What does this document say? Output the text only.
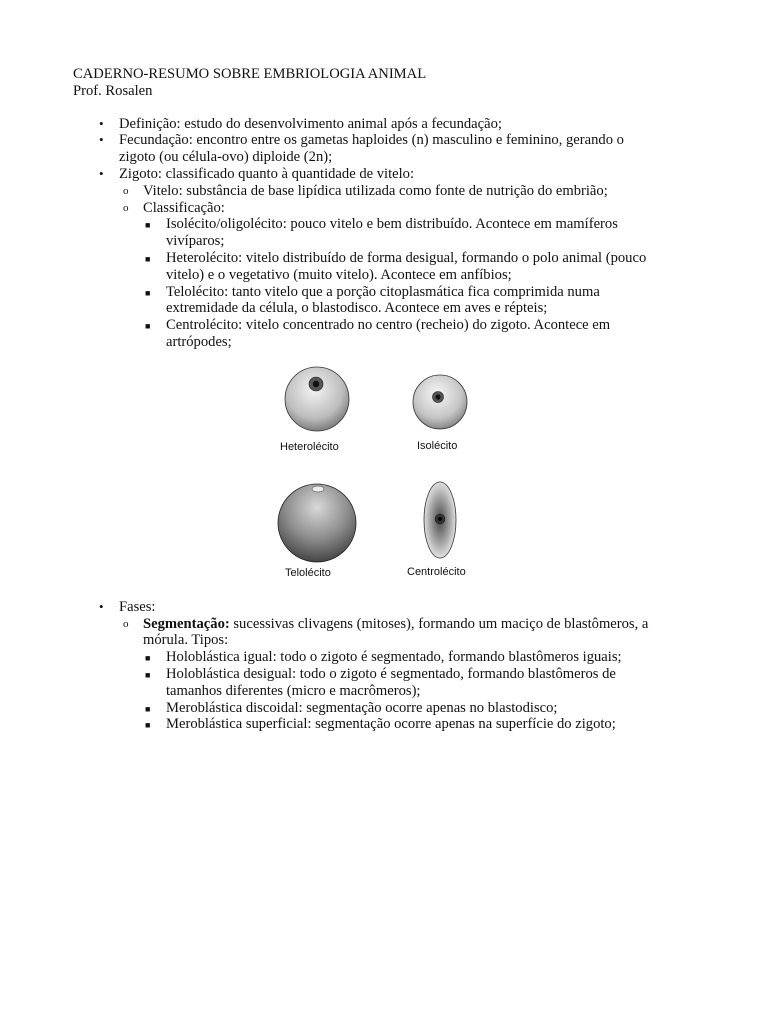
CADERNO-RESUMO SOBRE EMBRIOLOGIA ANIMAL
Prof. Rosalen
• Definição: estudo do desenvolvimento animal após a fecundação;
• Fecundação: encontro entre os gametas haploides (n) masculino e feminino, gerando o
zigoto (ou célula-ovo) diploide (2n);
• Zigoto: classificado quanto à quantidade de vitelo:
o Vitelo: substância de base lipídica utilizada como fonte de nutrição do embrião;
o Classificação:
■ Isolécito/oligolécito: pouco vitelo e bem distribuído. Acontece em mamíferos
vivíparos;
■ Heterolécito: vitelo distribuído de forma desigual, formando o polo animal (pouco
vitelo) e o vegetativo (muito vitelo). Acontece em anfíbios;
■ Telolécito: tanto vitelo que a porção citoplasmática fica comprimida numa
extremidade da célula, o blastodisco. Acontece em aves e répteis;
■ Centrolécito: vitelo concentrado no centro (recheio) do zigoto. Acontece em
artrópodes;
• Fases:
o Segmentação: sucessivas clivagens (mitoses), formando um maciço de blastômeros, a
mórula. Tipos:
■ Holoblástica igual: todo o zigoto é segmentado, formando blastômeros iguais;
■ Holoblástica desigual: todo o zigoto é segmentado, formando blastômeros de
tamanhos diferentes (micro e macrômeros);
■ Meroblástica discoidal: segmentação ocorre apenas no blastodisco;
■ Meroblástica superficial: segmentação ocorre apenas na superfície do zigoto;
Heterolécito	Isolécito
Telolécito	Centrolécito
